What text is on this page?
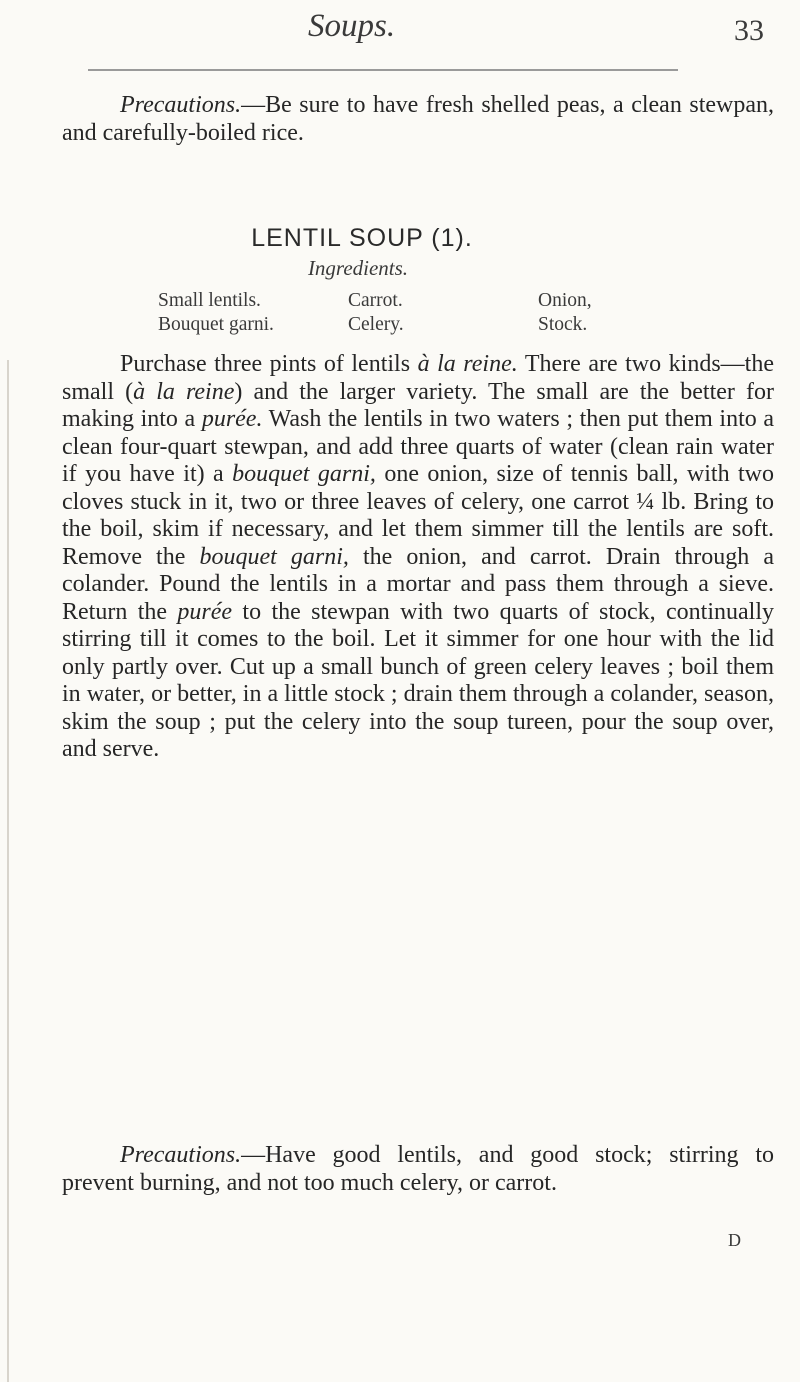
Soups.	33

Precautions.—Be sure to have fresh shelled peas, a clean stewpan, and carefully-boiled rice.

LENTIL SOUP (1).
Ingredients.
Small lentils.	Carrot.	Onion,
Bouquet garni.	Celery.	Stock.

Purchase three pints of lentils à la reine. There are two kinds—the small (à la reine) and the larger variety. The small are the better for making into a purée. Wash the lentils in two waters ; then put them into a clean four-quart stewpan, and add three quarts of water (clean rain water if you have it) a bouquet garni, one onion, size of tennis ball, with two cloves stuck in it, two or three leaves of celery, one carrot ¼ lb. Bring to the boil, skim if necessary, and let them simmer till the lentils are soft. Remove the bouquet garni, the onion, and carrot. Drain through a colander. Pound the lentils in a mortar and pass them through a sieve. Return the purée to the stewpan with two quarts of stock, continually stirring till it comes to the boil. Let it simmer for one hour with the lid only partly over. Cut up a small bunch of green celery leaves ; boil them in water, or better, in a little stock ; drain them through a colander, season, skim the soup ; put the celery into the soup tureen, pour the soup over, and serve.

Precautions.—Have good lentils, and good stock; stirring to prevent burning, and not too much celery, or carrot.

D
